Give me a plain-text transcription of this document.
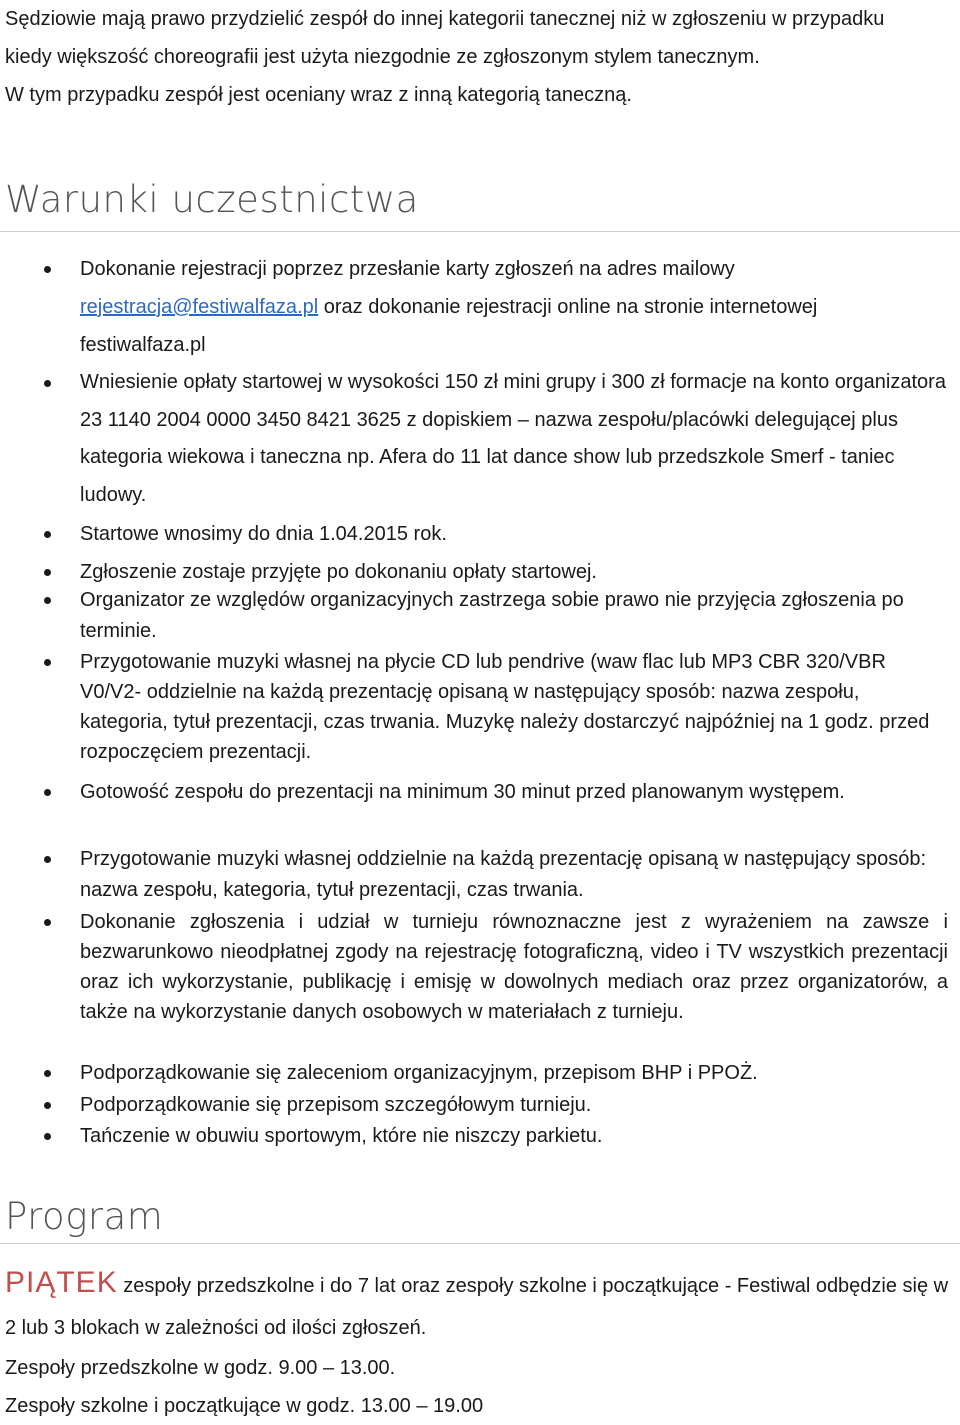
Sędziowie mają prawo przydzielić zespół do innej kategorii tanecznej niż w zgłoszeniu w przypadku kiedy większość choreografii jest użyta niezgodnie ze zgłoszonym stylem tanecznym.

W tym przypadku zespół jest oceniany wraz z inną kategorią taneczną.

Warunki uczestnictwa
Dokonanie rejestracji poprzez przesłanie karty zgłoszeń na adres mailowy
rejestracja@festiwalfaza.pl oraz dokonanie rejestracji online na stronie internetowej festiwalfaza.pl
Wniesienie opłaty startowej w wysokości 150 zł mini grupy i 300 zł formacje na konto organizatora 23 1140 2004 0000 3450 8421 3625 z dopiskiem – nazwa zespołu/placówki delegującej plus kategoria wiekowa i taneczna np. Afera do 11 lat dance show lub przedszkole Smerf - taniec ludowy.
Startowe wnosimy do dnia 1.04.2015 rok.
Zgłoszenie zostaje przyjęte po dokonaniu opłaty startowej.
Organizator ze względów organizacyjnych zastrzega sobie prawo nie przyjęcia zgłoszenia po terminie.
Przygotowanie muzyki własnej na płycie CD lub pendrive (waw flac lub MP3 CBR 320/VBR V0/V2- oddzielnie na każdą prezentację opisaną w następujący sposób: nazwa zespołu, kategoria, tytuł prezentacji, czas trwania. Muzykę należy dostarczyć najpóźniej na 1 godz. przed rozpoczęciem prezentacji.
Gotowość zespołu do prezentacji na minimum 30 minut przed planowanym występem.
Przygotowanie muzyki własnej oddzielnie na każdą prezentację opisaną w następujący sposób: nazwa zespołu, kategoria, tytuł prezentacji, czas trwania.
Dokonanie zgłoszenia i udział w turnieju równoznaczne jest z wyrażeniem na zawsze i bezwarunkowo nieodpłatnej zgody na rejestrację fotograficzną, video i TV wszystkich prezentacji oraz ich wykorzystanie, publikację i emisję w dowolnych mediach oraz przez organizatorów, a także na wykorzystanie danych osobowych w materiałach z turnieju.
Podporządkowanie się zaleceniom organizacyjnym, przepisom BHP i PPOŻ.
Podporządkowanie się przepisom szczegółowym turnieju.
Tańczenie w obuwiu sportowym, które nie niszczy parkietu.
Program

PIĄTEK zespoły przedszkolne i do 7 lat oraz zespoły szkolne i początkujące - Festiwal odbędzie się w 2 lub 3 blokach w zależności od ilości zgłoszeń.

Zespoły przedszkolne w godz. 9.00 – 13.00.

Zespoły szkolne i początkujące w godz. 13.00 – 19.00
